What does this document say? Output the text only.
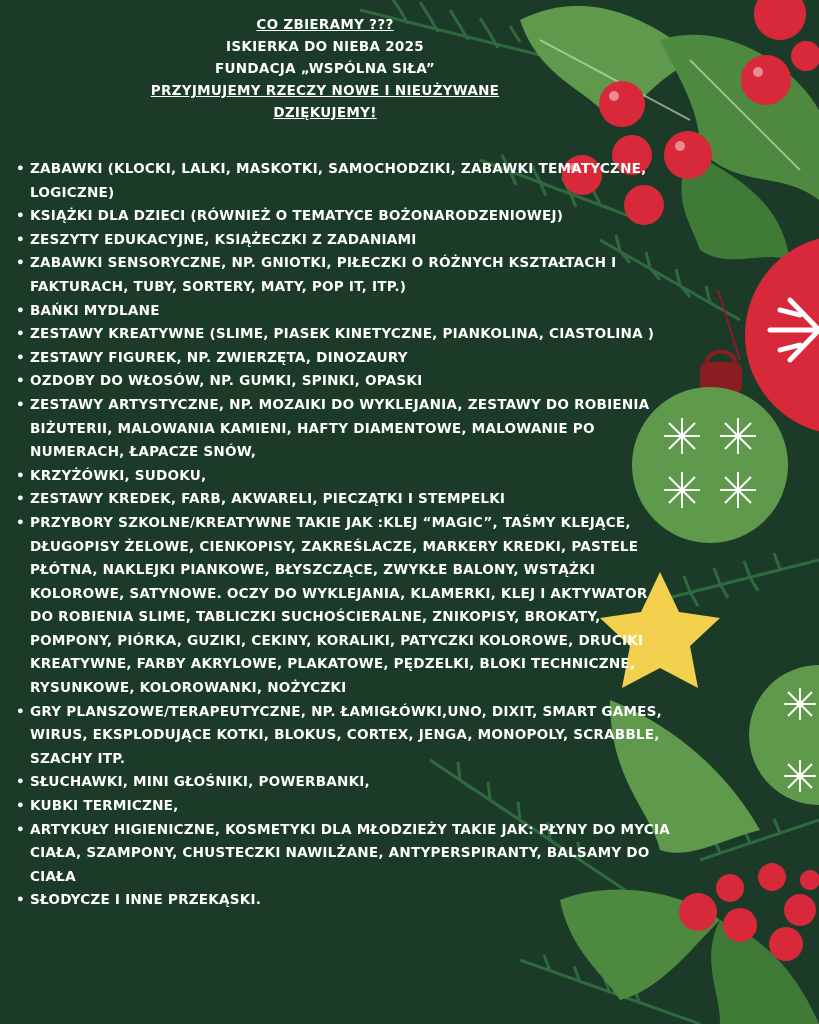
CO ZBIERAMY ???
ISKIERKA DO NIEBA 2025
FUNDACJA „WSPÓLNA SIŁA”
PRZYJMUJEMY RZECZY NOWE I NIEUŻYWANE
DZIĘKUJEMY!
• ZABAWKI (KLOCKI, LALKI, MASKOTKI, SAMOCHODZIKI, ZABAWKI TEMATYCZNE, LOGICZNE)
• KSIĄŻKI DLA DZIECI (RÓWNIEŻ O TEMATYCE BOŻONARODZENIOWEJ)
• ZESZYTY EDUKACYJNE, KSIĄŻECZKI Z ZADANIAMI
• ZABAWKI SENSORYCZNE, NP. GNIOTKI, PIŁECZKI O RÓŻNYCH KSZTAŁTACH I FAKTURACH, TUBY, SORTERY, MATY, POP IT, ITP.)
• BAŃKI MYDLANE
• ZESTAWY KREATYWNE (SLIME, PIASEK KINETYCZNE, PIANKOLINA, CIASTOLINA )
• ZESTAWY FIGUREK, NP. ZWIERZĘTA, DINOZAURY
• OZDOBY DO WŁOSÓW, NP. GUMKI, SPINKI, OPASKI
• ZESTAWY ARTYSTYCZNE, NP. MOZAIKI DO WYKLEJANIA, ZESTAWY DO ROBIENIA BIŻUTERII, MALOWANIA KAMIENI, HAFTY DIAMENTOWE, MALOWANIE PO NUMERACH, ŁAPACZE SNÓW,
• KRZYŻÓWKI, SUDOKU,
• ZESTAWY KREDEK, FARB, AKWARELI, PIECZĄTKI I STEMPELKI
• PRZYBORY SZKOLNE/KREATYWNE TAKIE JAK :KLEJ “MAGIC”, TAŚMY KLEJĄCE, DŁUGOPISY ŻELOWE, CIENKOPISY, ZAKREŚLACZE, MARKERY KREDKI, PASTELE PŁÓTNA, NAKLEJKI PIANKOWE, BŁYSZCZĄCE, ZWYKŁE BALONY, WSTĄŻKI KOLOROWE, SATYNOWE. OCZY DO WYKLEJANIA, KLAMERKI, KLEJ I AKTYWATOR DO ROBIENIA SLIME, TABLICZKI SUCHOŚCIERALNE, ZNIKOPISY, BROKATY, POMPONY, PIÓRKA, GUZIKI, CEKINY, KORALIKI, PATYCZKI KOLOROWE, DRUCIKI KREATYWNE, FARBY AKRYLOWE, PLAKATOWE, PĘDZELKI, BLOKI TECHNICZNE, RYSUNKOWE, KOLOROWANKI, NOŻYCZKI
• GRY PLANSZOWE/TERAPEUTYCZNE, NP. ŁAMIGŁÓWKI,UNO, DIXIT, SMART GAMES, WIRUS, EKSPLODUJĄCE KOTKI, BLOKUS, CORTEX, JENGA, MONOPOLY, SCRABBLE, SZACHY ITP.
• SŁUCHAWKI, MINI GŁOŚNIKI, POWERBANKI,
• KUBKI TERMICZNE,
• ARTYKUŁY HIGIENICZNE, KOSMETYKI DLA MŁODZIEŻY TAKIE JAK: PŁYNY DO MYCIA CIAŁA, SZAMPONY, CHUSTECZKI NAWILŻANE, ANTYPERSPIRANTY, BALSAMY DO CIAŁA
• SŁODYCZE I INNE PRZEKĄSKI.
